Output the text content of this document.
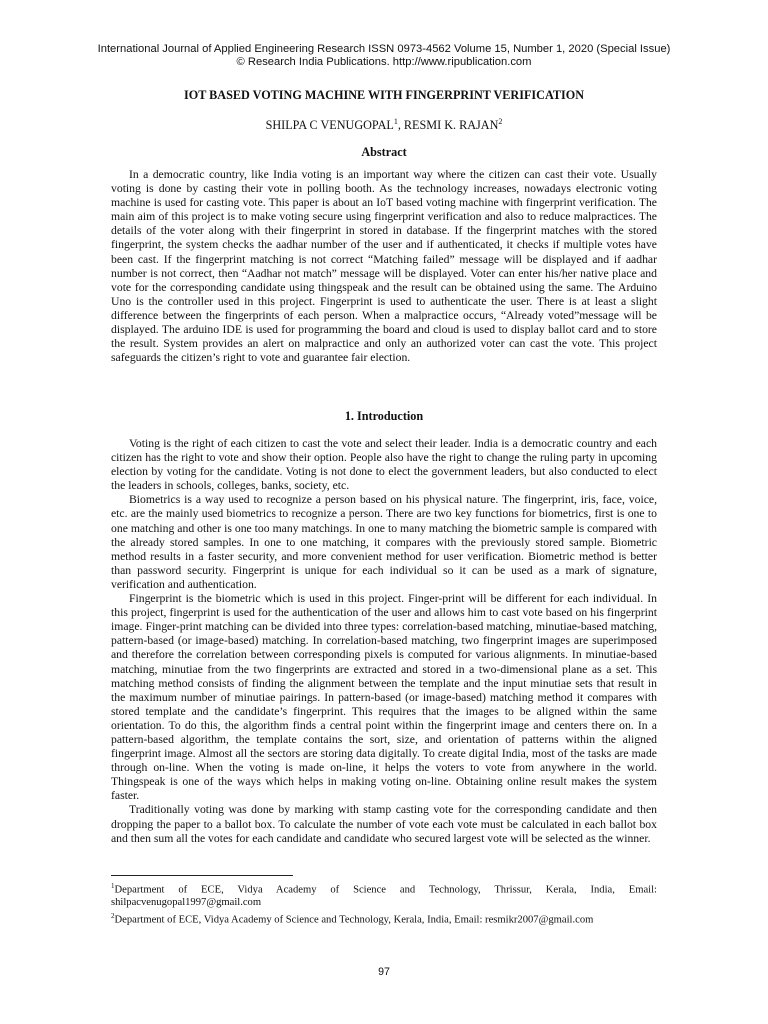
International Journal of Applied Engineering Research ISSN 0973-4562 Volume 15, Number 1, 2020 (Special Issue)
© Research India Publications. http://www.ripublication.com
IOT BASED VOTING MACHINE WITH FINGERPRINT VERIFICATION
SHILPA C VENUGOPAL$^1$, RESMI K. RAJAN$^2$
Abstract

In a democratic country, like India voting is an important way where the citizen can cast their vote. Usually voting is done by casting their vote in polling booth. As the technology increases, nowadays electronic voting machine is used for casting vote. This paper is about an IoT based voting machine with fingerprint verification. The main aim of this project is to make voting secure using fingerprint verification and also to reduce malpractices. The details of the voter along with their fingerprint in stored in database. If the fingerprint matches with the stored fingerprint, the system checks the aadhar number of the user and if authenticated, it checks if multiple votes have been cast. If the fingerprint matching is not correct “Matching failed” message will be displayed and if aadhar number is not correct, then “Aadhar not match” message will be displayed. Voter can enter his/her native place and vote for the corresponding candidate using thingspeak and the result can be obtained using the same. The Arduino Uno is the controller used in this project. Fingerprint is used to authenticate the user. There is at least a slight difference between the fingerprints of each person. When a malpractice occurs, “Already voted”message will be displayed. The arduino IDE is used for programming the board and cloud is used to display ballot card and to store the result. System provides an alert on malpractice and only an authorized voter can cast the vote. This project safeguards the citizen’s right to vote and guarantee fair election.

1. Introduction

Voting is the right of each citizen to cast the vote and select their leader. India is a democratic country and each citizen has the right to vote and show their option. People also have the right to change the ruling party in upcoming election by voting for the candidate. Voting is not done to elect the government leaders, but also conducted to elect the leaders in schools, colleges, banks, society, etc.

Biometrics is a way used to recognize a person based on his physical nature. The fingerprint, iris, face, voice, etc. are the mainly used biometrics to recognize a person. There are two key functions for biometrics, first is one to one matching and other is one too many matchings. In one to many matching the biometric sample is compared with the already stored samples. In one to one matching, it compares with the previously stored sample. Biometric method results in a faster security, and more convenient method for user verification. Biometric method is better than password security. Fingerprint is unique for each individual so it can be used as a mark of signature, verification and authentication.

Fingerprint is the biometric which is used in this project. Finger-print will be different for each individual. In this project, fingerprint is used for the authentication of the user and allows him to cast vote based on his fingerprint image. Finger-print matching can be divided into three types: correlation-based matching, minutiae-based matching, pattern-based (or image-based) matching. In correlation-based matching, two fingerprint images are superimposed and therefore the correlation between corresponding pixels is computed for various alignments. In minutiae-based matching, minutiae from the two fingerprints are extracted and stored in a two-dimensional plane as a set. This matching method consists of finding the alignment between the template and the input minutiae sets that result in the maximum number of minutiae pairings. In pattern-based (or image-based) matching method it compares with stored template and the candidate’s fingerprint. This requires that the images to be aligned within the same orientation. To do this, the algorithm finds a central point within the fingerprint image and centers there on. In a pattern-based algorithm, the template contains the sort, size, and orientation of patterns within the aligned fingerprint image. Almost all the sectors are storing data digitally. To create digital India, most of the tasks are made through on-line. When the voting is made on-line, it helps the voters to vote from anywhere in the world. Thingspeak is one of the ways which helps in making voting on-line. Obtaining online result makes the system faster.

Traditionally voting was done by marking with stamp casting vote for the corresponding candidate and then dropping the paper to a ballot box. To calculate the number of vote each vote must be calculated in each ballot box and then sum all the votes for each candidate and candidate who secured largest vote will be selected as the winner.

$^1$Department of ECE, Vidya Academy of Science and Technology, Thrissur, Kerala, India, Email: shilpacvenugopal1997@gmail.com

$^2$Department of ECE, Vidya Academy of Science and Technology, Kerala, India, Email: resmikr2007@gmail.com

97
